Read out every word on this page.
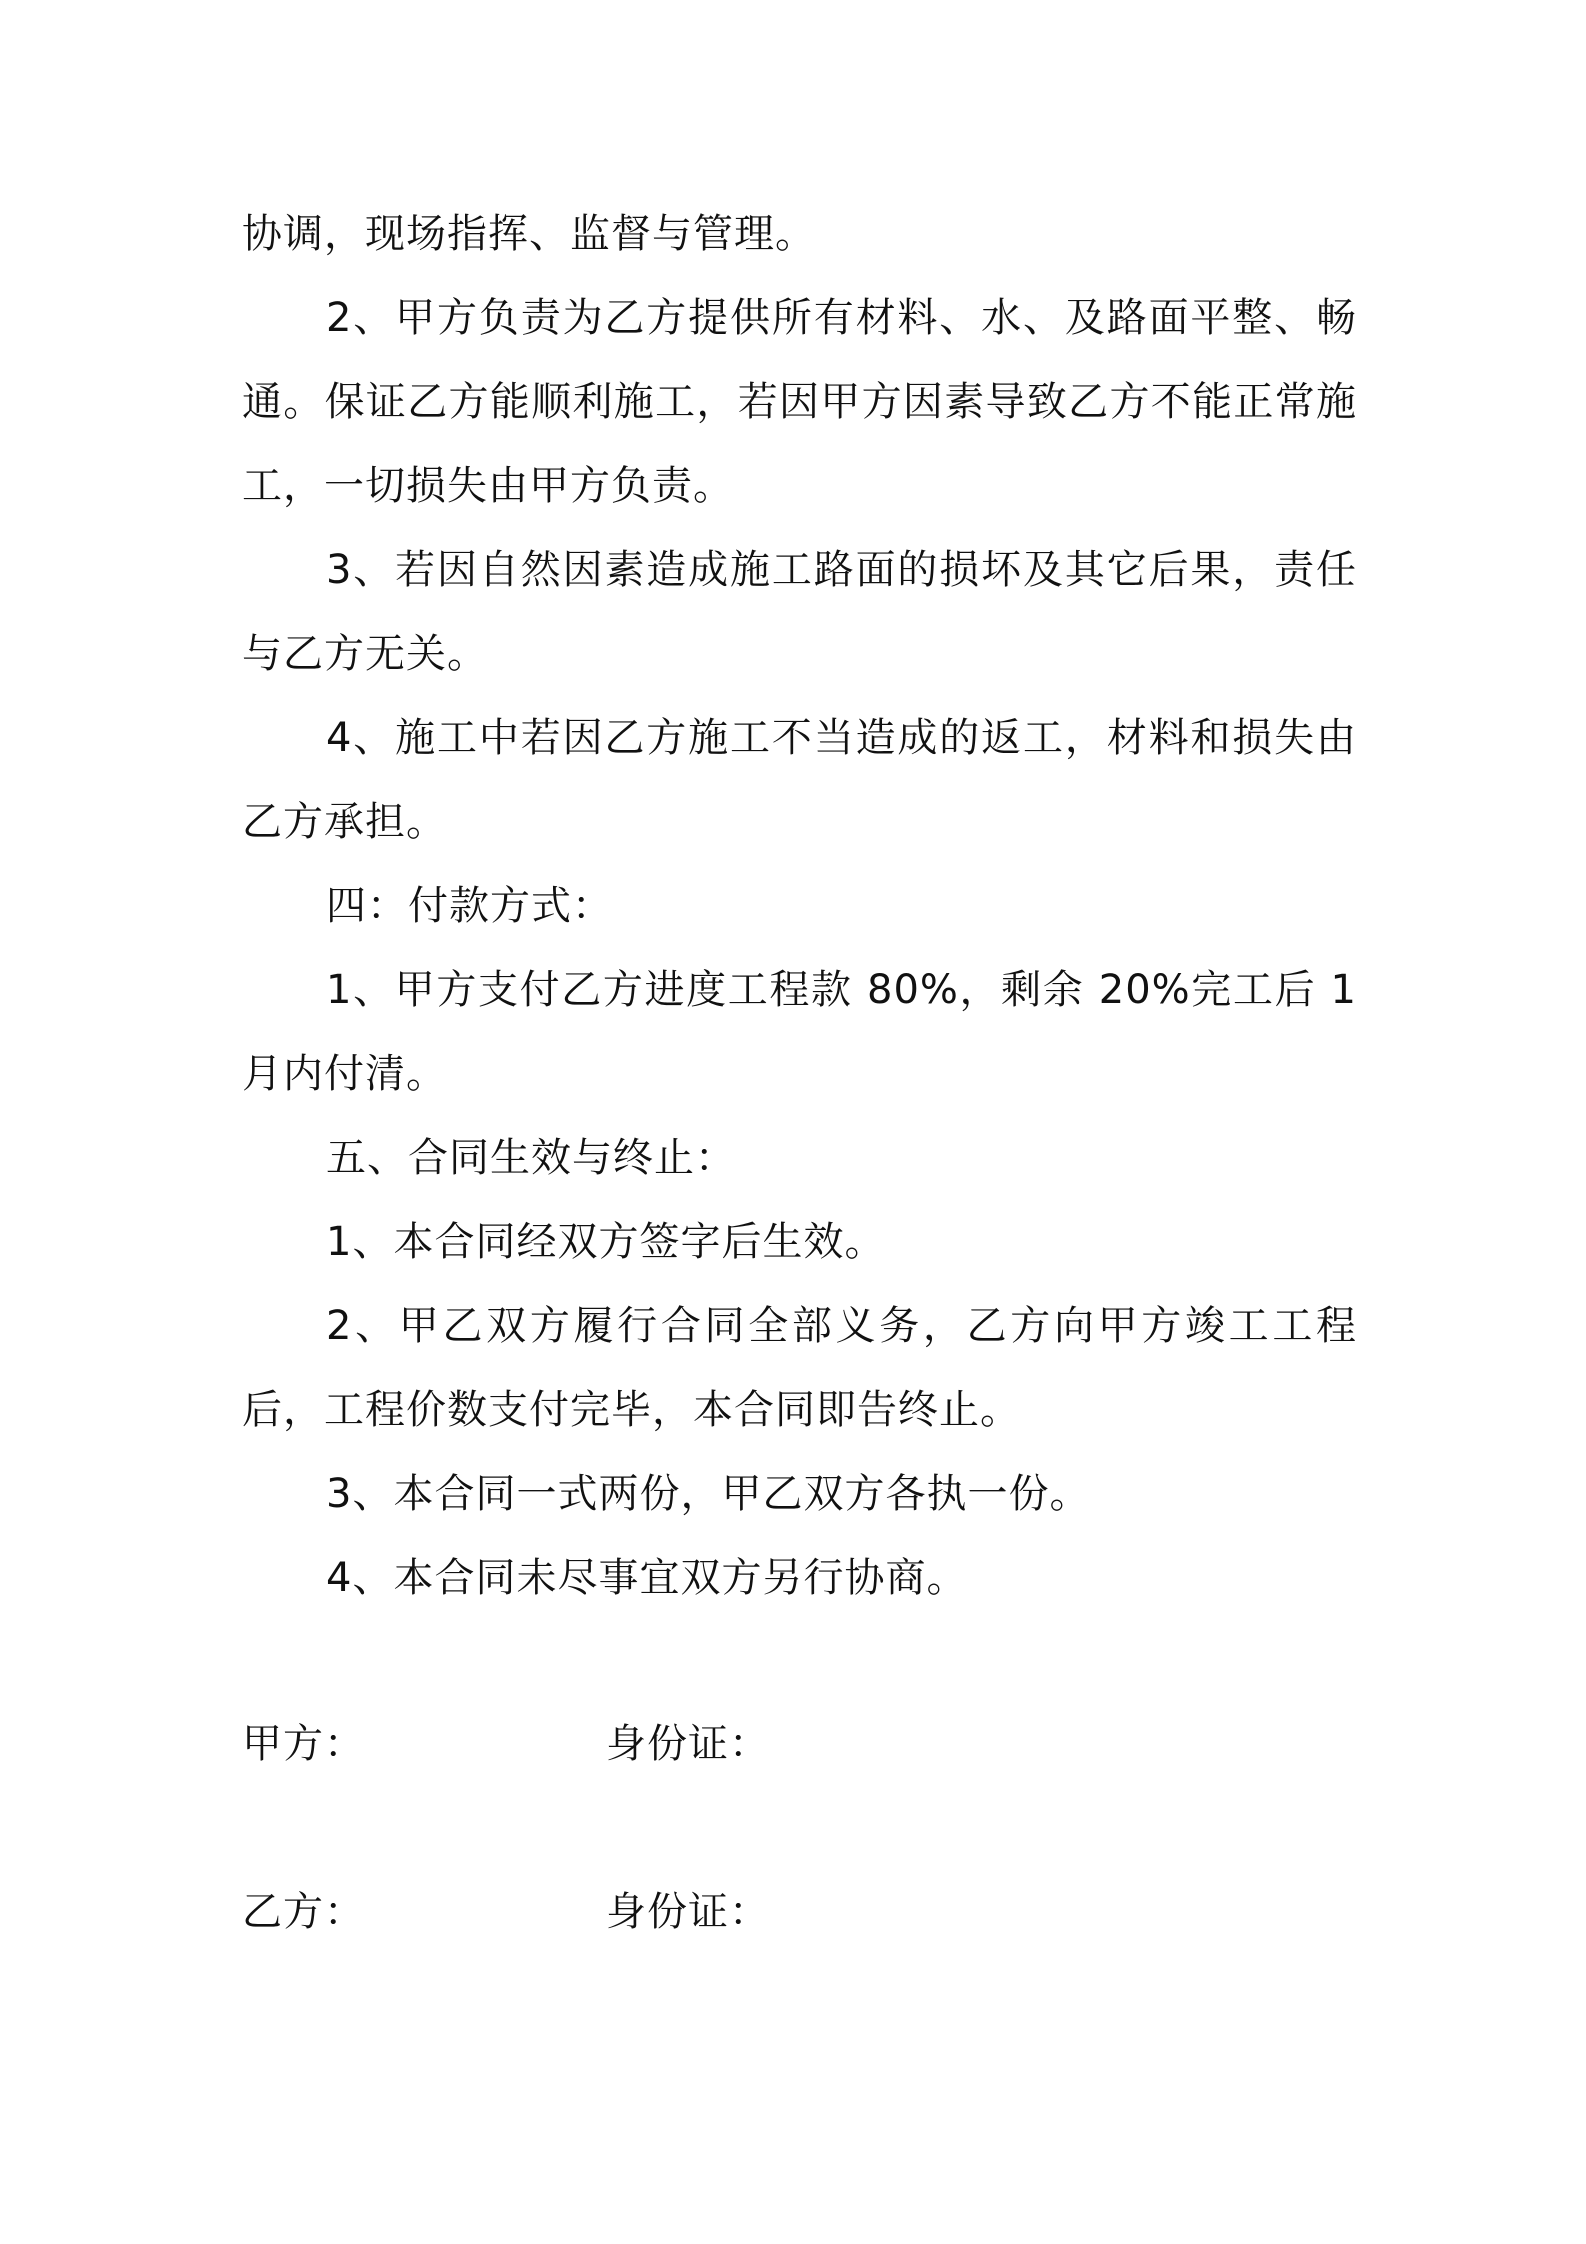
协调，现场指挥、监督与管理。

2、甲方负责为乙方提供所有材料、水、及路面平整、畅通。保证乙方能顺利施工，若因甲方因素导致乙方不能正常施工，一切损失由甲方负责。

3、若因自然因素造成施工路面的损坏及其它后果，责任与乙方无关。

4、施工中若因乙方施工不当造成的返工，材料和损失由乙方承担。

四：付款方式：

1、甲方支付乙方进度工程款 80%，剩余 20%完工后 1 月内付清。

五、合同生效与终止：

1、本合同经双方签字后生效。

2、甲乙双方履行合同全部义务，乙方向甲方竣工工程后，工程价数支付完毕，本合同即告终止。

3、本合同一式两份，甲乙双方各执一份。

4、本合同未尽事宜双方另行协商。

甲方：	身份证：
乙方：	身份证：
